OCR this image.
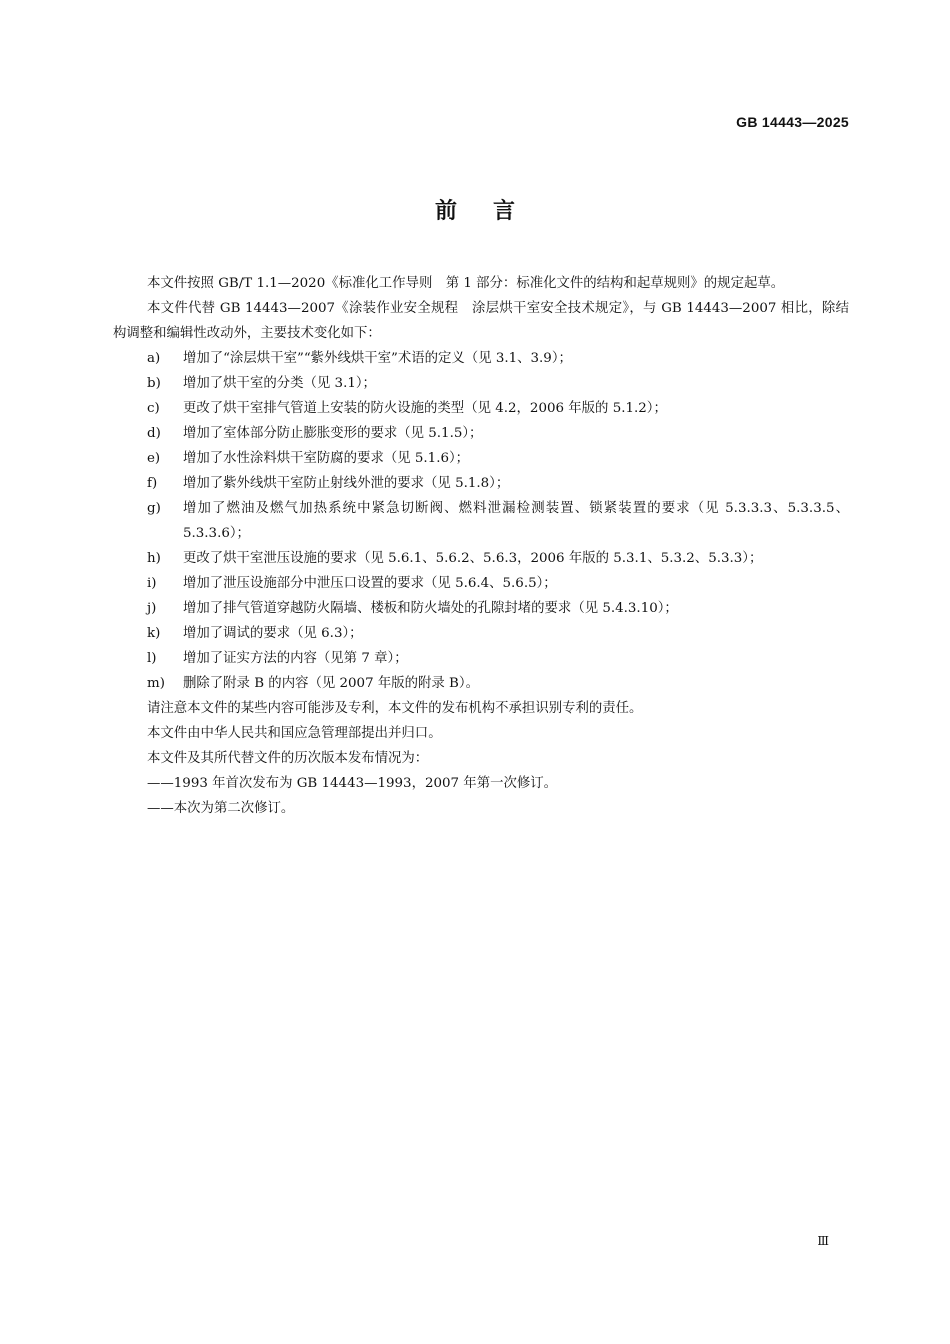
GB 14443—2025
前言

本文件按照 GB/T 1.1—2020《标准化工作导则　第 1 部分：标准化文件的结构和起草规则》的规定起草。

本文件代替 GB 14443—2007《涂装作业安全规程　涂层烘干室安全技术规定》，与 GB 14443—2007 相比，除结构调整和编辑性改动外，主要技术变化如下：

a)	增加了“涂层烘干室”“紫外线烘干室”术语的定义（见 3.1、3.9）；
b)	增加了烘干室的分类（见 3.1）；
c)	更改了烘干室排气管道上安装的防火设施的类型（见 4.2，2006 年版的 5.1.2）；
d)	增加了室体部分防止膨胀变形的要求（见 5.1.5）；
e)	增加了水性涂料烘干室防腐的要求（见 5.1.6）；
f)	增加了紫外线烘干室防止射线外泄的要求（见 5.1.8）；
g)	增加了燃油及燃气加热系统中紧急切断阀、燃料泄漏检测装置、锁紧装置的要求（见 5.3.3.3、5.3.3.5、5.3.3.6）；
h)	更改了烘干室泄压设施的要求（见 5.6.1、5.6.2、5.6.3，2006 年版的 5.3.1、5.3.2、5.3.3）；
i)	增加了泄压设施部分中泄压口设置的要求（见 5.6.4、5.6.5）；
j)	增加了排气管道穿越防火隔墙、楼板和防火墙处的孔隙封堵的要求（见 5.4.3.10）；
k)	增加了调试的要求（见 6.3）；
l)	增加了证实方法的内容（见第 7 章）；
m)	删除了附录 B 的内容（见 2007 年版的附录 B）。

请注意本文件的某些内容可能涉及专利，本文件的发布机构不承担识别专利的责任。

本文件由中华人民共和国应急管理部提出并归口。

本文件及其所代替文件的历次版本发布情况为：

——1993 年首次发布为 GB 14443—1993，2007 年第一次修订。

——本次为第二次修订。

Ⅲ
